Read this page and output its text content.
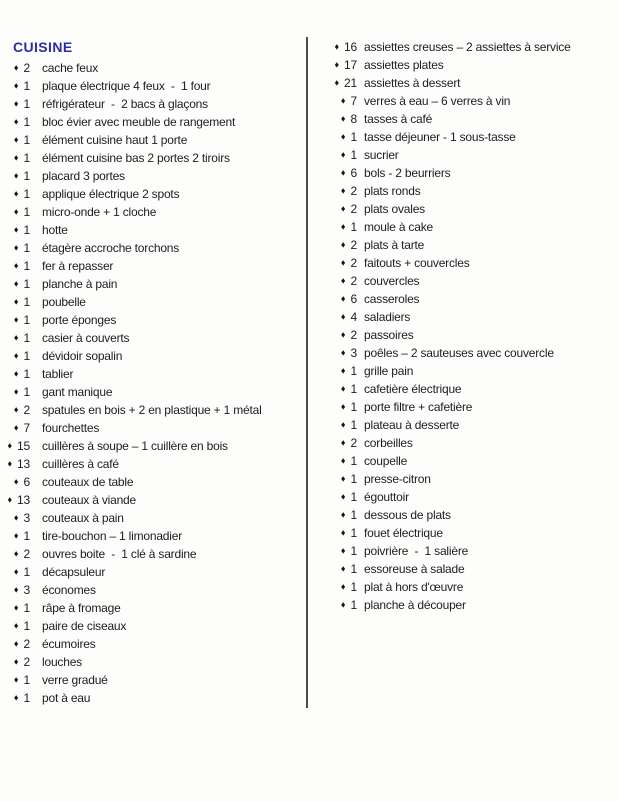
CUISINE
♦ 2 cache feux
♦ 1 plaque électrique 4 feux  -  1 four
♦ 1 réfrigérateur  -  2 bacs à glaçons
♦ 1 bloc évier avec meuble de rangement
♦ 1 élément cuisine haut 1 porte
♦ 1 élément cuisine bas 2 portes 2 tiroirs
♦ 1 placard 3 portes
♦ 1 applique électrique 2 spots
♦ 1 micro-onde + 1 cloche
♦ 1 hotte
♦ 1 étagère accroche torchons
♦ 1 fer à repasser
♦ 1 planche à pain
♦ 1 poubelle
♦ 1 porte éponges
♦ 1 casier à couverts
♦ 1 dévidoir sopalin
♦ 1 tablier
♦ 1 gant manique
♦ 2 spatules en bois + 2 en plastique + 1 métal
♦ 7 fourchettes
♦ 15 cuillères à soupe – 1 cuillère en bois
♦ 13 cuillères à café
♦ 6 couteaux de table
♦ 13 couteaux à viande
♦ 3 couteaux à pain
♦ 1 tire-bouchon – 1 limonadier
♦ 2 ouvres boite  -  1 clé à sardine
♦ 1 décapsuleur
♦ 3 économes
♦ 1 râpe à fromage
♦ 1 paire de ciseaux
♦ 2 écumoires
♦ 2 louches
♦ 1 verre gradué
♦ 1 pot à eau
♦ 16 assiettes creuses – 2 assiettes à service
♦ 17 assiettes plates
♦ 21 assiettes à dessert
♦ 7 verres à eau – 6 verres à vin
♦ 8 tasses à café
♦ 1 tasse déjeuner - 1 sous-tasse
♦ 1 sucrier
♦ 6 bols - 2 beurriers
♦ 2 plats ronds
♦ 2 plats ovales
♦ 1 moule à cake
♦ 2 plats à tarte
♦ 2 faitouts + couvercles
♦ 2 couvercles
♦ 6 casseroles
♦ 4 saladiers
♦ 2 passoires
♦ 3 poêles – 2 sauteuses avec couvercle
♦ 1 grille pain
♦ 1 cafetière électrique
♦ 1 porte filtre + cafetière
♦ 1 plateau à desserte
♦ 2 corbeilles
♦ 1 coupelle
♦ 1 presse-citron
♦ 1 égouttoir
♦ 1 dessous de plats
♦ 1 fouet électrique
♦ 1 poivrière  -  1 salière
♦ 1 essoreuse à salade
♦ 1 plat à hors d'œuvre
♦ 1 planche à découper
